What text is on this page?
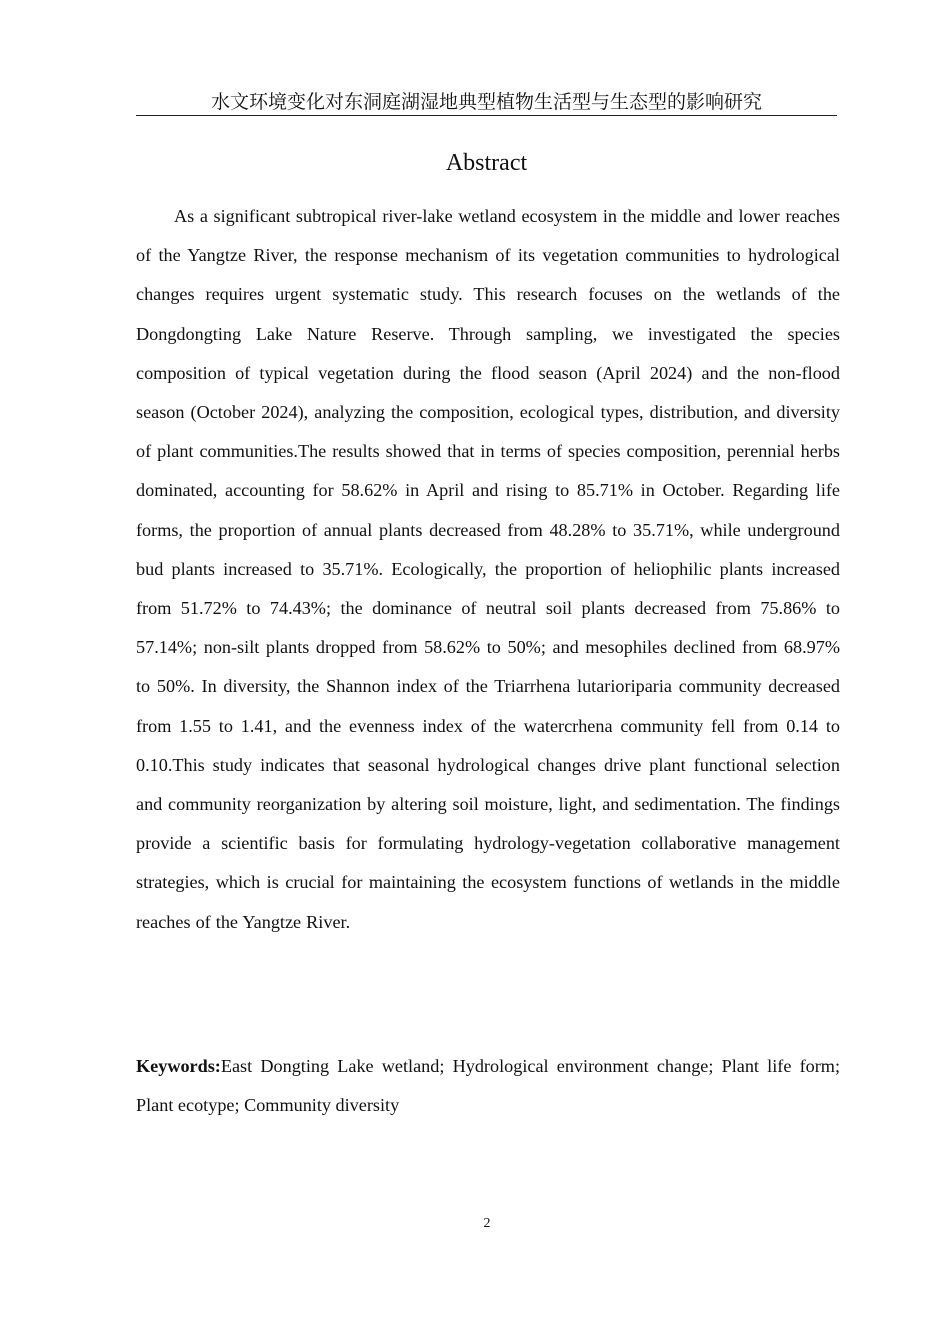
水文环境变化对东洞庭湖湿地典型植物生活型与生态型的影响研究
Abstract

As a significant subtropical river-lake wetland ecosystem in the middle and lower reaches of the Yangtze River, the response mechanism of its vegetation communities to hydrological changes requires urgent systematic study. This research focuses on the wetlands of the Dongdongting Lake Nature Reserve. Through sampling, we investigated the species composition of typical vegetation during the flood season (April 2024) and the non-flood season (October 2024), analyzing the composition, ecological types, distribution, and diversity of plant communities.The results showed that in terms of species composition, perennial herbs dominated, accounting for 58.62% in April and rising to 85.71% in October. Regarding life forms, the proportion of annual plants decreased from 48.28% to 35.71%, while underground bud plants increased to 35.71%. Ecologically, the proportion of heliophilic plants increased from 51.72% to 74.43%; the dominance of neutral soil plants decreased from 75.86% to 57.14%; non-silt plants dropped from 58.62% to 50%; and mesophiles declined from 68.97% to 50%. In diversity, the Shannon index of the Triarrhena lutarioriparia community decreased from 1.55 to 1.41, and the evenness index of the watercrhena community fell from 0.14 to 0.10.This study indicates that seasonal hydrological changes drive plant functional selection and community reorganization by altering soil moisture, light, and sedimentation. The findings provide a scientific basis for formulating hydrology-vegetation collaborative management strategies, which is crucial for maintaining the ecosystem functions of wetlands in the middle reaches of the Yangtze River.

Keywords:East Dongting Lake wetland; Hydrological environment change; Plant life form; Plant ecotype; Community diversity

2
